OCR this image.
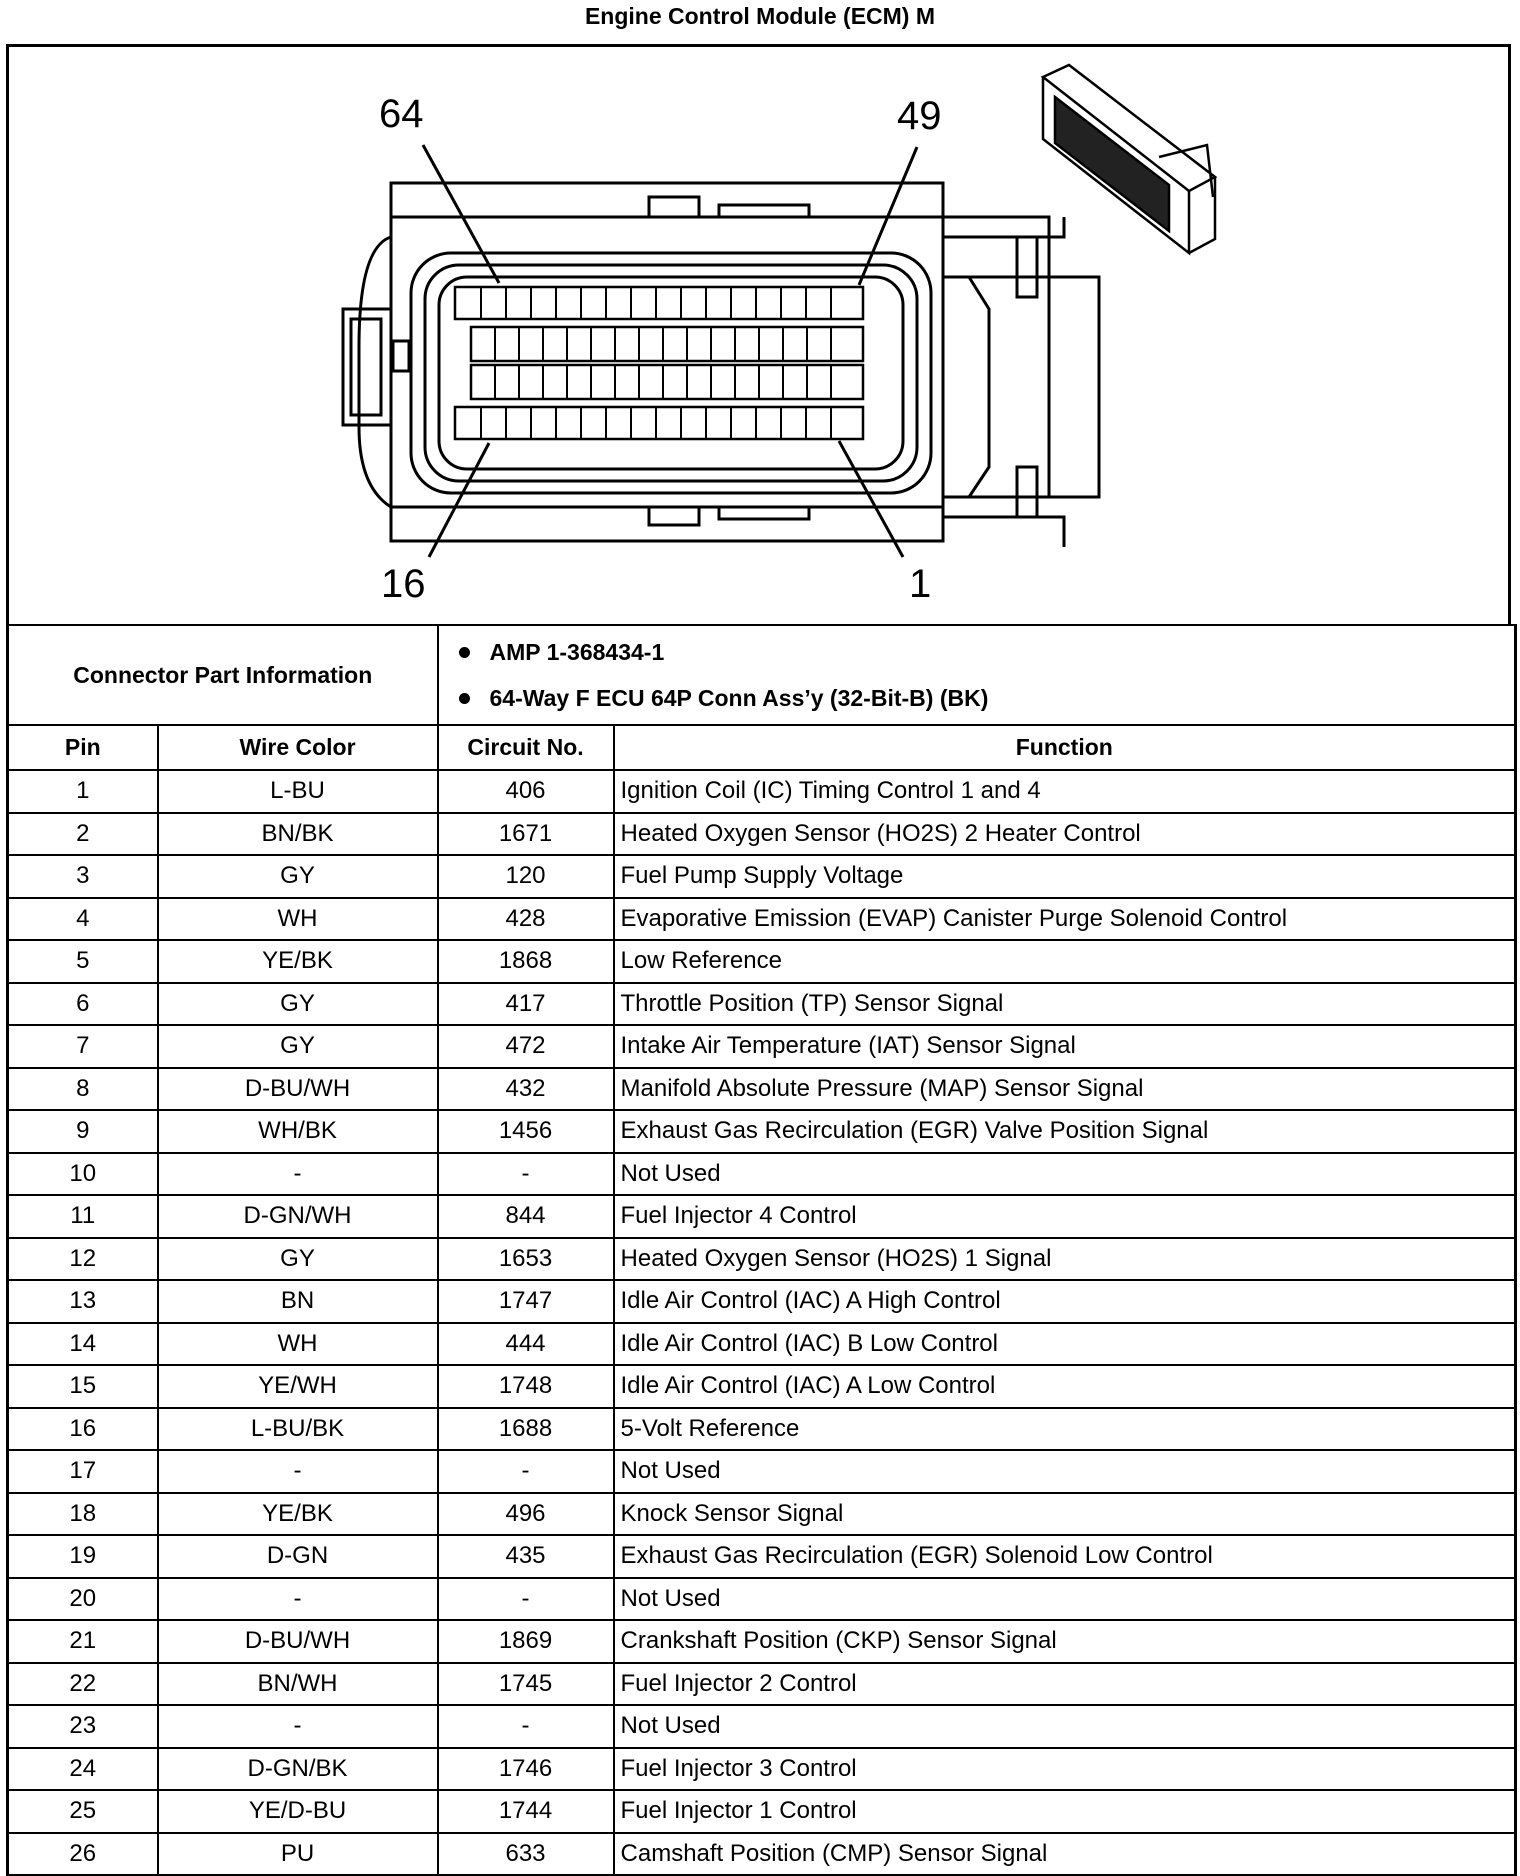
Engine Control Module (ECM) M
64	49
16	1
Connector Part Information		AMP 1-368434-1
64-Way F ECU 64P Conn Ass’y (32-Bit-B) (BK)	

Pin	Wire Color	Circuit No.	Function
1	L-BU	406	Ignition Coil (IC) Timing Control 1 and 4
2	BN/BK	1671	Heated Oxygen Sensor (HO2S) 2 Heater Control
3	GY	120	Fuel Pump Supply Voltage
4	WH	428	Evaporative Emission (EVAP) Canister Purge Solenoid Control
5	YE/BK	1868	Low Reference
6	GY	417	Throttle Position (TP) Sensor Signal
7	GY	472	Intake Air Temperature (IAT) Sensor Signal
8	D-BU/WH	432	Manifold Absolute Pressure (MAP) Sensor Signal
9	WH/BK	1456	Exhaust Gas Recirculation (EGR) Valve Position Signal
10	-	-	Not Used
11	D-GN/WH	844	Fuel Injector 4 Control
12	GY	1653	Heated Oxygen Sensor (HO2S) 1 Signal
13	BN	1747	Idle Air Control (IAC) A High Control
14	WH	444	Idle Air Control (IAC) B Low Control
15	YE/WH	1748	Idle Air Control (IAC) A Low Control
16	L-BU/BK	1688	5-Volt Reference
17	-	-	Not Used
18	YE/BK	496	Knock Sensor Signal
19	D-GN	435	Exhaust Gas Recirculation (EGR) Solenoid Low Control
20	-	-	Not Used
21	D-BU/WH	1869	Crankshaft Position (CKP) Sensor Signal
22	BN/WH	1745	Fuel Injector 2 Control
23	-	-	Not Used
24	D-GN/BK	1746	Fuel Injector 3 Control
25	YE/D-BU	1744	Fuel Injector 1 Control
26	PU	633	Camshaft Position (CMP) Sensor Signal
